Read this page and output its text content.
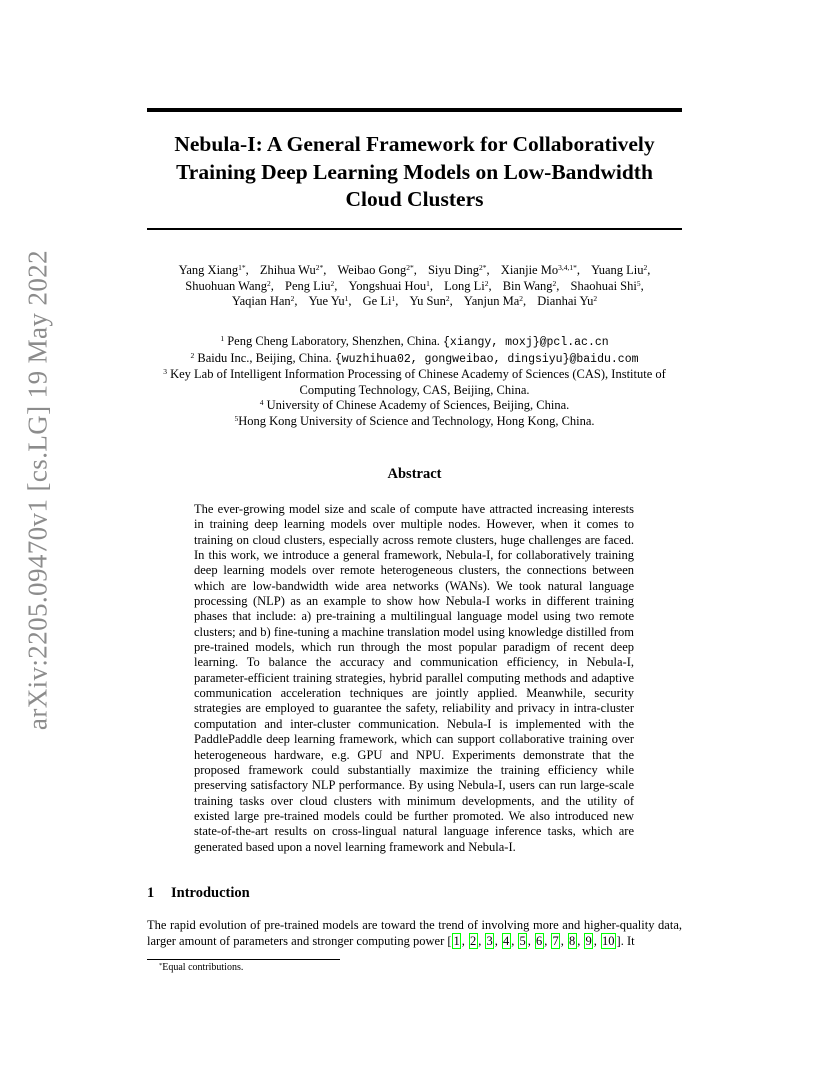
arXiv:2205.09470v1 [cs.LG] 19 May 2022
Nebula-I: A General Framework for Collaboratively Training Deep Learning Models on Low-Bandwidth Cloud Clusters
Yang Xiang$^{1*}$, Zhihua $Wu^{2*}$, Weibao Gong$^{2*}$, Siyu Ding$^{2*}$, Xianjie $Mo^{3,4,1*}$, Yuang Liu$^2$,
Shuohuan Wang$^2$, Peng Liu$^2$, Yongshuai Hou$^1$, Long Li$^2$, Bin Wang$^2$, Shaohuai Shi$^5$,
Yaqian Han$^2$, Yue Yu$^1$, Ge Li$^1$, Yu Sun$^2$, Yanjun Ma$^2$, Dianhai Yu$^2$
$^1$ Peng Cheng Laboratory, Shenzhen, China. {xiangy, moxj}@pcl.ac.cn
$^2$ Baidu Inc., Beijing, China. {wuzhihua02, gongweibao, dingsiyu}@baidu.com
$^3$ Key Lab of Intelligent Information Processing of Chinese Academy of Sciences (CAS), Institute of Computing Technology, CAS, Beijing, China.
$^4$ University of Chinese Academy of Sciences, Beijing, China.
$^5$Hong Kong University of Science and Technology, Hong Kong, China.
Abstract

The ever-growing model size and scale of compute have attracted increasing interests in training deep learning models over multiple nodes. However, when it comes to training on cloud clusters, especially across remote clusters, huge challenges are faced. In this work, we introduce a general framework, Nebula-I, for collaboratively training deep learning models over remote heterogeneous clusters, the connections between which are low-bandwidth wide area networks (WANs). We took natural language processing (NLP) as an example to show how Nebula-I works in different training phases that include: a) pre-training a multilingual language model using two remote clusters; and b) fine-tuning a machine translation model using knowledge distilled from pre-trained models, which run through the most popular paradigm of recent deep learning. To balance the accuracy and communication efficiency, in Nebula-I, parameter-efficient training strategies, hybrid parallel computing methods and adaptive communication acceleration techniques are jointly applied. Meanwhile, security strategies are employed to guarantee the safety, reliability and privacy in intra-cluster computation and inter-cluster communication. Nebula-I is implemented with the PaddlePaddle deep learning framework, which can support collaborative training over heterogeneous hardware, e.g. GPU and NPU. Experiments demonstrate that the proposed framework could substantially maximize the training efficiency while preserving satisfactory NLP performance. By using Nebula-I, users can run large-scale training tasks over cloud clusters with minimum developments, and the utility of existed large pre-trained models could be further promoted. We also introduced new state-of-the-art results on cross-lingual natural language inference tasks, which are generated based upon a novel learning framework and Nebula-I.

1 Introduction

The rapid evolution of pre-trained models are toward the trend of involving more and higher-quality data, larger amount of parameters and stronger computing power [ 1 , 2 , 3 , 4 , 5 , 6 , 7 , 8 , 9 , 10 ]. It

*Equal contributions.
